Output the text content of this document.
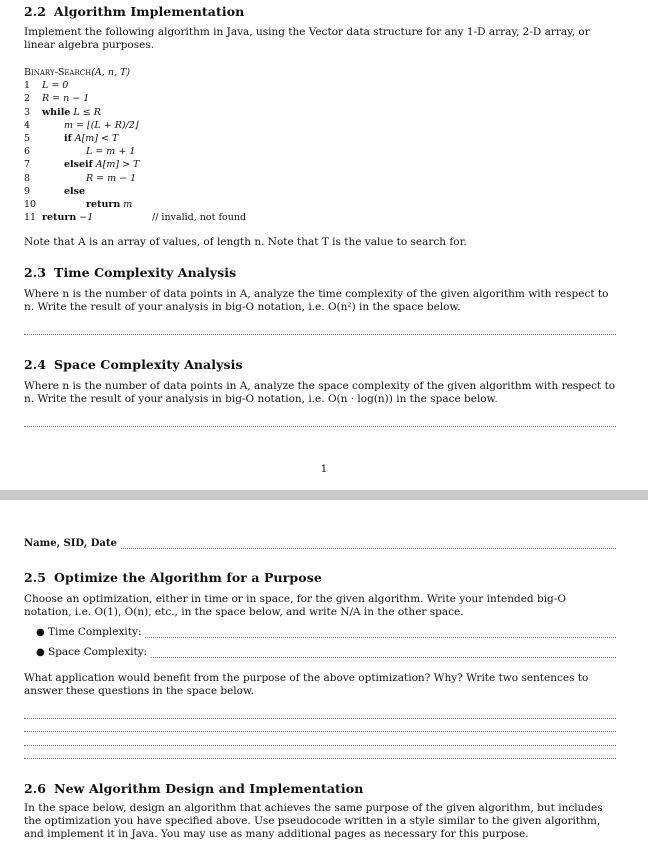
2.2 Algorithm Implementation

Implement the following algorithm in Java, using the Vector data structure for any 1-D array, 2-D array, or linear algebra purposes.

Binary-Search(A, n, T)
1	L = 0
2	R = n − 1
3	while L ≤ R
4	m = ⌊(L + R)/2⌋
5	if A[m] < T
6	L = m + 1
7	elseif A[m] > T
8	R = m − 1
9	else
10	return m
11 return −1	// invalid, not found

Note that A is an array of values, of length n. Note that T is the value to search for.

2.3 Time Complexity Analysis

Where n is the number of data points in A, analyze the time complexity of the given algorithm with respect to n. Write the result of your analysis in big-O notation, i.e. O(n²) in the space below.

2.4 Space Complexity Analysis

Where n is the number of data points in A, analyze the space complexity of the given algorithm with respect to n. Write the result of your analysis in big-O notation, i.e. O(n · log(n)) in the space below.

1
Name, SID, Date
2.5 Optimize the Algorithm for a Purpose

Choose an optimization, either in time or in space, for the given algorithm. Write your intended big-O notation, i.e. O(1), O(n), etc., in the space below, and write N/A in the other space.

● Time Complexity:
● Space Complexity:

What application would benefit from the purpose of the above optimization? Why? Write two sentences to answer these questions in the space below.

2.6 New Algorithm Design and Implementation

In the space below, design an algorithm that achieves the same purpose of the given algorithm, but includes the optimization you have specified above. Use pseudocode written in a style similar to the given algorithm, and implement it in Java. You may use as many additional pages as necessary for this purpose.
